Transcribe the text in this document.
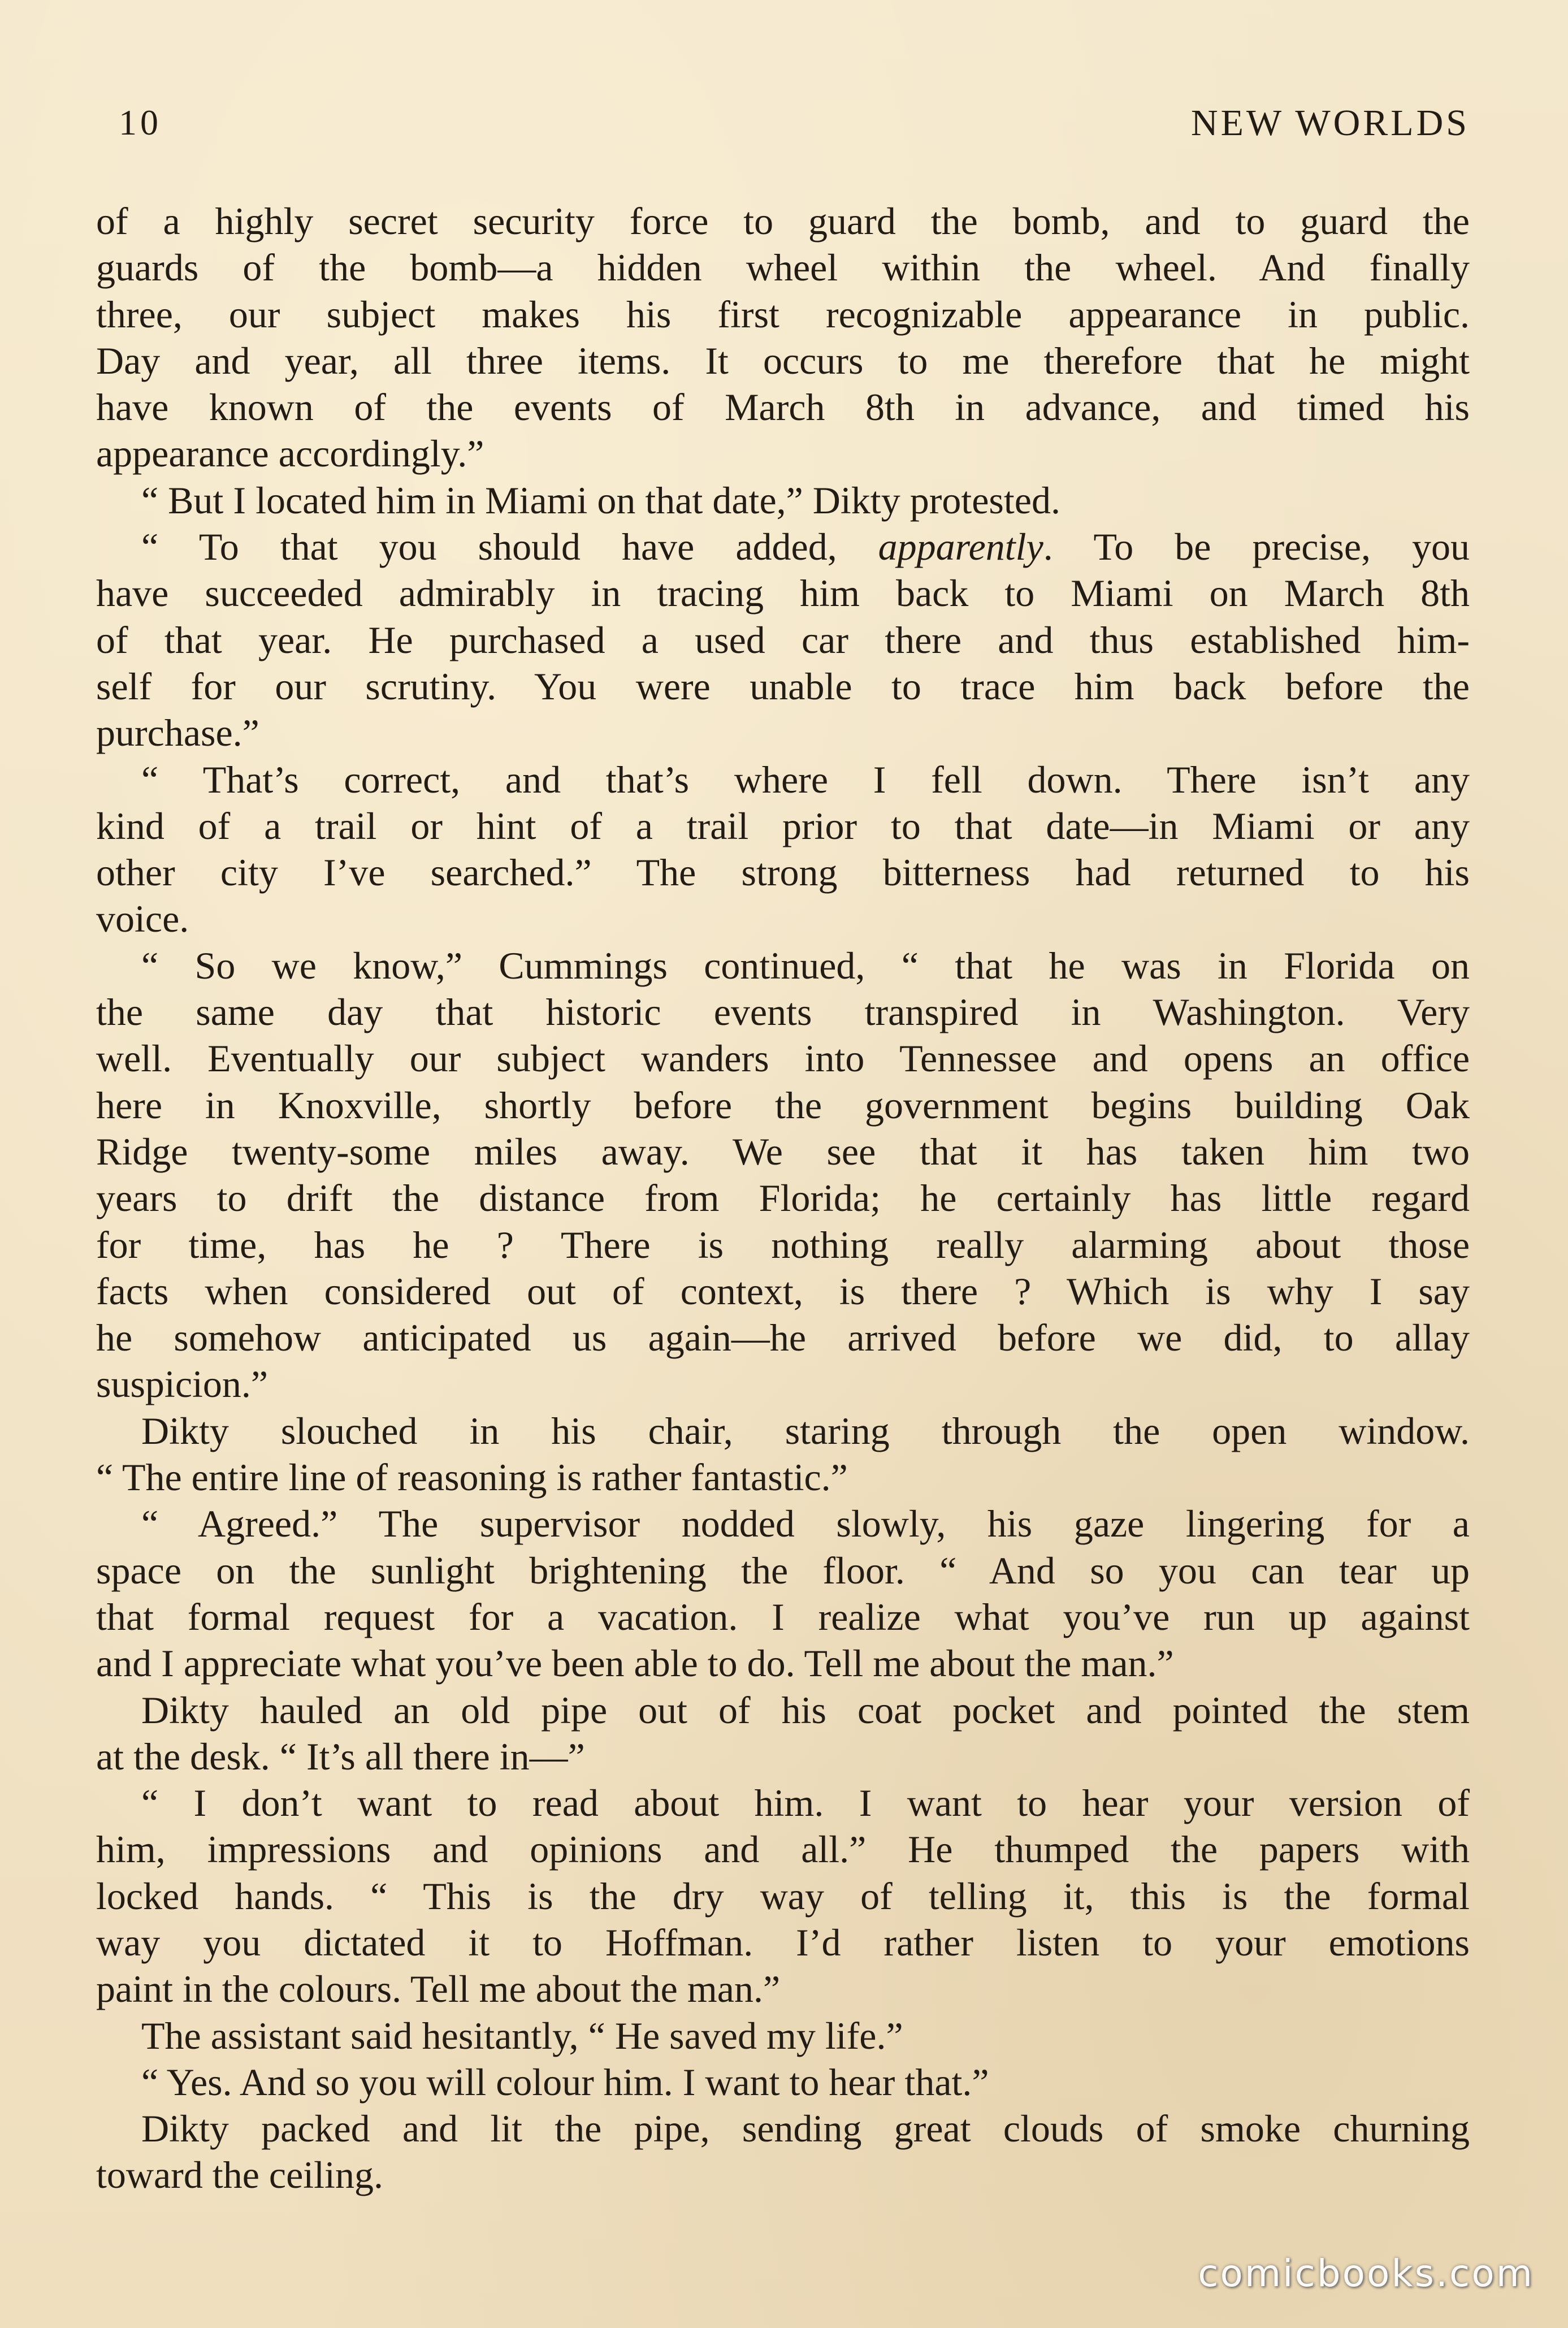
10	NEW WORLDS
of a highly secret security force to guard the bomb, and to guard the
guards of the bomb—a hidden wheel within the wheel. And finally
three, our subject makes his first recognizable appearance in public.
Day and year, all three items. It occurs to me therefore that he might
have known of the events of March 8th in advance, and timed his
appearance accordingly.”
“ But I located him in Miami on that date,” Dikty protested.
“ To that you should have added, apparently. To be precise, you
have succeeded admirably in tracing him back to Miami on March 8th
of that year. He purchased a used car there and thus established him-
self for our scrutiny. You were unable to trace him back before the
purchase.”
“ That’s correct, and that’s where I fell down. There isn’t any
kind of a trail or hint of a trail prior to that date—in Miami or any
other city I’ve searched.” The strong bitterness had returned to his
voice.
“ So we know,” Cummings continued, “ that he was in Florida on
the same day that historic events transpired in Washington. Very
well. Eventually our subject wanders into Tennessee and opens an office
here in Knoxville, shortly before the government begins building Oak
Ridge twenty-some miles away. We see that it has taken him two
years to drift the distance from Florida; he certainly has little regard
for time, has he ? There is nothing really alarming about those
facts when considered out of context, is there ? Which is why I say
he somehow anticipated us again—he arrived before we did, to allay
suspicion.”
Dikty slouched in his chair, staring through the open window.
“ The entire line of reasoning is rather fantastic.”
“ Agreed.” The supervisor nodded slowly, his gaze lingering for a
space on the sunlight brightening the floor. “ And so you can tear up
that formal request for a vacation. I realize what you’ve run up against
and I appreciate what you’ve been able to do. Tell me about the man.”
Dikty hauled an old pipe out of his coat pocket and pointed the stem
at the desk. “ It’s all there in—”
“ I don’t want to read about him. I want to hear your version of
him, impressions and opinions and all.” He thumped the papers with
locked hands. “ This is the dry way of telling it, this is the formal
way you dictated it to Hoffman. I’d rather listen to your emotions
paint in the colours. Tell me about the man.”
The assistant said hesitantly, “ He saved my life.”
“ Yes. And so you will colour him. I want to hear that.”
Dikty packed and lit the pipe, sending great clouds of smoke churning
toward the ceiling.
comicbooks.com
